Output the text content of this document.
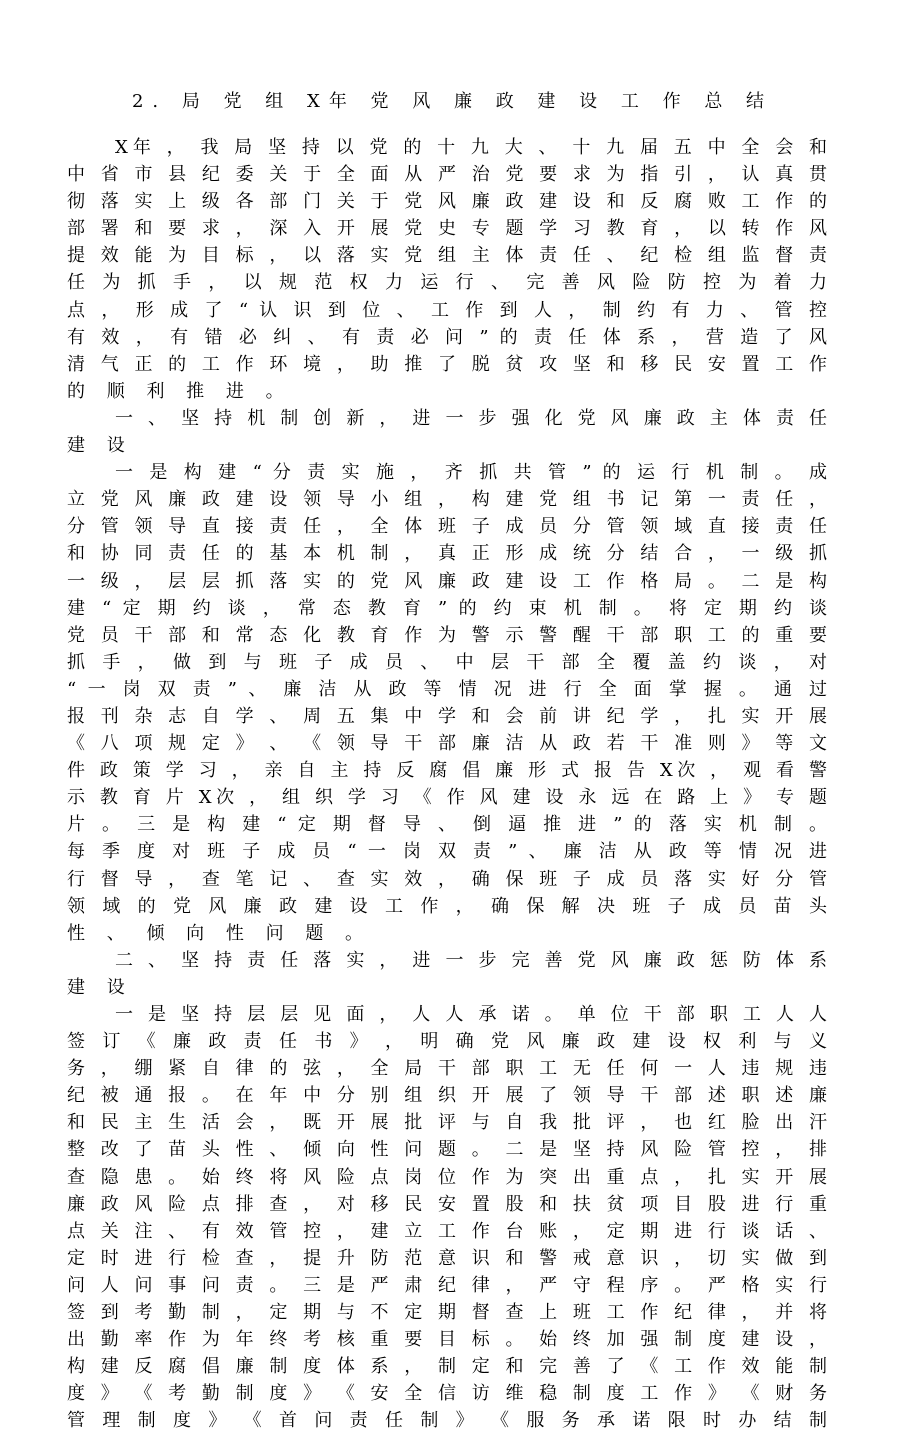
2. 局 党 组 X年 党 风 廉 政 建 设 工 作 总 结
X年 ， 我 局 坚 持 以 党 的 十 九 大 、 十 九 届 五 中 全 会 和
中 省 市 县 纪 委 关 于 全 面 从 严 治 党 要 求 为 指 引 ， 认 真 贯
彻 落 实 上 级 各 部 门 关 于 党 风 廉 政 建 设 和 反 腐 败 工 作 的
部 署 和 要 求 ， 深 入 开 展 党 史 专 题 学 习 教 育 ， 以 转 作 风
提 效 能 为 目 标 ， 以 落 实 党 组 主 体 责 任 、 纪 检 组 监 督 责
任 为 抓 手 ， 以 规 范 权 力 运 行 、 完 善 风 险 防 控 为 着 力
点 ， 形 成 了 “ 认 识 到 位 、 工 作 到 人 ， 制 约 有 力 、 管 控
有 效 ， 有 错 必 纠 、 有 责 必 问 ” 的 责 任 体 系 ， 营 造 了 风
清 气 正 的 工 作 环 境 ， 助 推 了 脱 贫 攻 坚 和 移 民 安 置 工 作
的 顺 利 推 进 。
一 、 坚 持 机 制 创 新 ， 进 一 步 强 化 党 风 廉 政 主 体 责 任
建 设
一 是 构 建 “ 分 责 实 施 ， 齐 抓 共 管 ” 的 运 行 机 制 。 成
立 党 风 廉 政 建 设 领 导 小 组 ， 构 建 党 组 书 记 第 一 责 任 ，
分 管 领 导 直 接 责 任 ， 全 体 班 子 成 员 分 管 领 域 直 接 责 任
和 协 同 责 任 的 基 本 机 制 ， 真 正 形 成 统 分 结 合 ， 一 级 抓
一 级 ， 层 层 抓 落 实 的 党 风 廉 政 建 设 工 作 格 局 。 二 是 构
建 “ 定 期 约 谈 ， 常 态 教 育 ” 的 约 束 机 制 。 将 定 期 约 谈
党 员 干 部 和 常 态 化 教 育 作 为 警 示 警 醒 干 部 职 工 的 重 要
抓 手 ， 做 到 与 班 子 成 员 、 中 层 干 部 全 覆 盖 约 谈 ， 对
“ 一 岗 双 责 ” 、 廉 洁 从 政 等 情 况 进 行 全 面 掌 握 。 通 过
报 刊 杂 志 自 学 、 周 五 集 中 学 和 会 前 讲 纪 学 ， 扎 实 开 展
《 八 项 规 定 》 、 《 领 导 干 部 廉 洁 从 政 若 干 准 则 》 等 文
件 政 策 学 习 ， 亲 自 主 持 反 腐 倡 廉 形 式 报 告 X次 ， 观 看 警
示 教 育 片 X次 ， 组 织 学 习 《 作 风 建 设 永 远 在 路 上 》 专 题
片 。 三 是 构 建 “ 定 期 督 导 、 倒 逼 推 进 ” 的 落 实 机 制 。
每 季 度 对 班 子 成 员 “ 一 岗 双 责 ” 、 廉 洁 从 政 等 情 况 进
行 督 导 ， 查 笔 记 、 查 实 效 ， 确 保 班 子 成 员 落 实 好 分 管
领 域 的 党 风 廉 政 建 设 工 作 ， 确 保 解 决 班 子 成 员 苗 头
性 、 倾 向 性 问 题 。
二 、 坚 持 责 任 落 实 ， 进 一 步 完 善 党 风 廉 政 惩 防 体 系
建 设
一 是 坚 持 层 层 见 面 ， 人 人 承 诺 。 单 位 干 部 职 工 人 人
签 订 《 廉 政 责 任 书 》 ， 明 确 党 风 廉 政 建 设 权 利 与 义
务 ， 绷 紧 自 律 的 弦 ， 全 局 干 部 职 工 无 任 何 一 人 违 规 违
纪 被 通 报 。 在 年 中 分 别 组 织 开 展 了 领 导 干 部 述 职 述 廉
和 民 主 生 活 会 ， 既 开 展 批 评 与 自 我 批 评 ， 也 红 脸 出 汗
整 改 了 苗 头 性 、 倾 向 性 问 题 。 二 是 坚 持 风 险 管 控 ， 排
查 隐 患 。 始 终 将 风 险 点 岗 位 作 为 突 出 重 点 ， 扎 实 开 展
廉 政 风 险 点 排 查 ， 对 移 民 安 置 股 和 扶 贫 项 目 股 进 行 重
点 关 注 、 有 效 管 控 ， 建 立 工 作 台 账 ， 定 期 进 行 谈 话 、
定 时 进 行 检 查 ， 提 升 防 范 意 识 和 警 戒 意 识 ， 切 实 做 到
问 人 问 事 问 责 。 三 是 严 肃 纪 律 ， 严 守 程 序 。 严 格 实 行
签 到 考 勤 制 ， 定 期 与 不 定 期 督 查 上 班 工 作 纪 律 ， 并 将
出 勤 率 作 为 年 终 考 核 重 要 目 标 。 始 终 加 强 制 度 建 设 ，
构 建 反 腐 倡 廉 制 度 体 系 ， 制 定 和 完 善 了 《 工 作 效 能 制
度 》 《 考 勤 制 度 》 《 安 全 信 访 维 稳 制 度 工 作 》 《 财 务
管 理 制 度 》 《 首 问 责 任 制 》 《 服 务 承 诺 限 时 办 结 制
